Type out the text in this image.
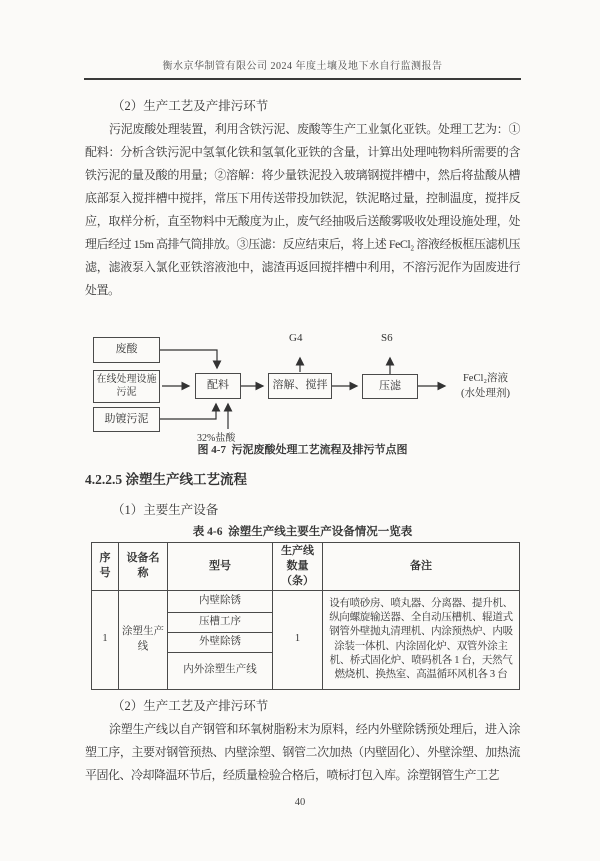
衡水京华制管有限公司 2024 年度土壤及地下水自行监测报告

（2）生产工艺及产排污环节

污泥废酸处理装置，利用含铁污泥、废酸等生产工业氯化亚铁。处理工艺为：①配料：分析含铁污泥中氢氧化铁和氢氧化亚铁的含量，计算出处理吨物料所需要的含铁污泥的量及酸的用量；②溶解：将少量铁泥投入玻璃钢搅拌槽中，然后将盐酸从槽底部泵入搅拌槽中搅拌，常压下用传送带投加铁泥，铁泥略过量，控制温度，搅拌反应，取样分析，直至物料中无酸度为止，废气经抽吸后送酸雾吸收处理设施处理，处理后经过 15m 高排气筒排放。③压滤：反应结束后，将上述 FeCl₂ 溶液经板框压滤机压滤，滤液泵入氯化亚铁溶液池中，滤渣再返回搅拌槽中利用，不溶污泥作为固废进行处置。

废酸
在线处理设施污泥
助镀污泥
配料	溶解、搅拌	压滤
G4	S6
32%盐酸
FeCl₂溶液
(水处理剂)

图 4-7  污泥废酸处理工艺流程及排污节点图

4.2.2.5 涂塑生产线工艺流程

（1）主要生产设备

表 4-6  涂塑生产线主要生产设备情况一览表

序号	设备名称	型号	生产线数量（条）	备注
1	涂塑生产线	内壁除锈	1	设有喷砂房、喷丸器、分离器、提升机、纵向螺旋输送器、全自动压槽机、辊道式钢管外壁抛丸清理机、内涂预热炉、内吸涂装一体机、内涂固化炉、双管外涂主机、桥式固化炉、喷码机各 1 台，天然气燃烧机、换热室、高温循环风机各 3 台
		压槽工序		
		外壁除锈		
		内外涂塑生产线		

（2）生产工艺及产排污环节

涂塑生产线以自产钢管和环氧树脂粉末为原料，经内外壁除锈预处理后，进入涂塑工序，主要对钢管预热、内壁涂塑、钢管二次加热（内壁固化）、外壁涂塑、加热流平固化、冷却降温环节后，经质量检验合格后，喷标打包入库。涂塑钢管生产工艺

40
